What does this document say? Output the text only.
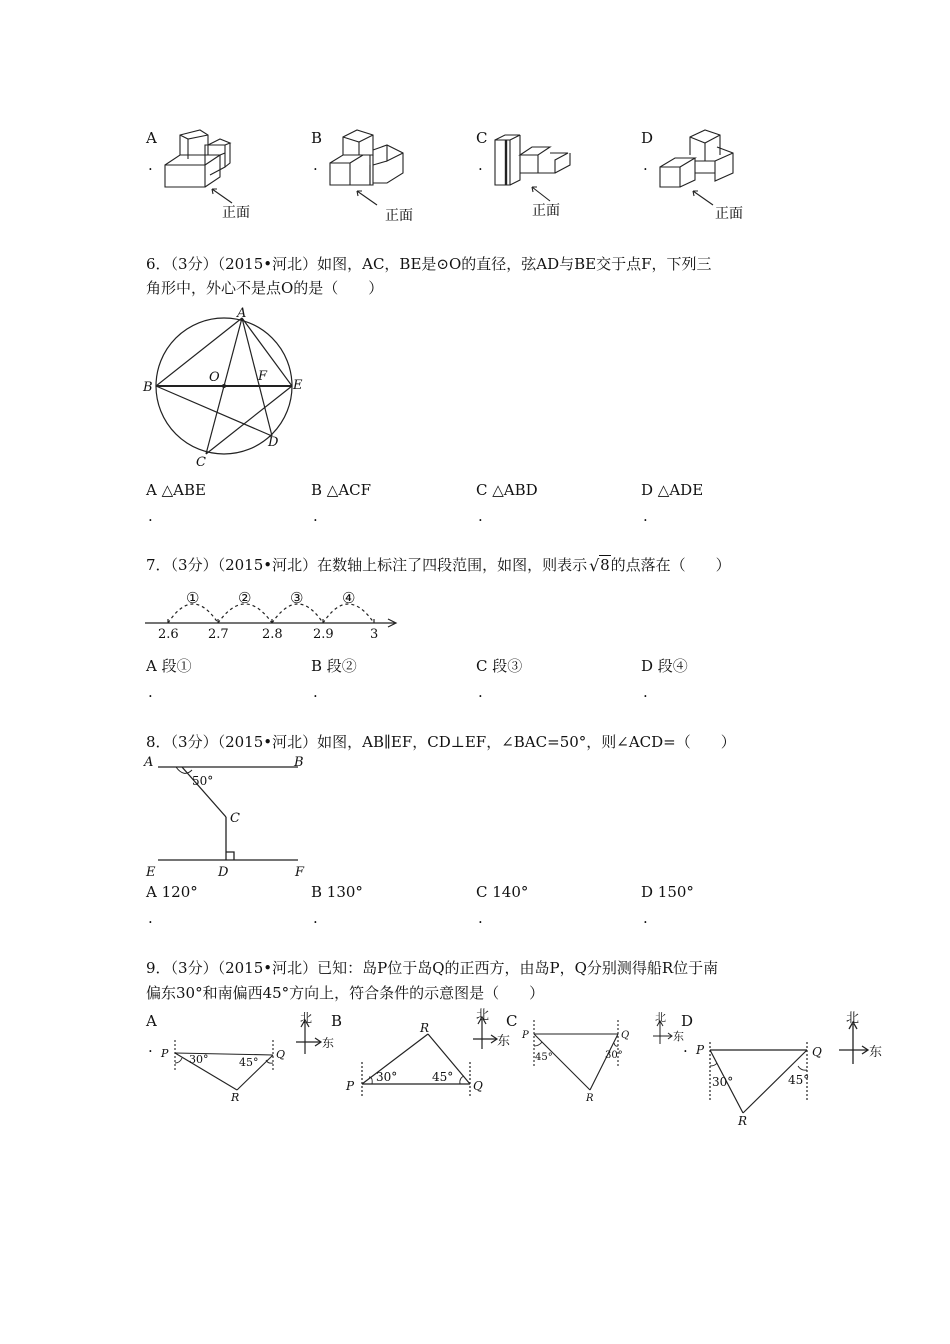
A
.
正面
B
.
正面
C
.
正面
D
.
正面
6．（3分）（2015•河北）如图，AC，BE是⊙O的直径，弦AD与BE交于点F，下列三
角形中，外心不是点O的是（　　）
A
B
C
D
E
F
O
A △ABE
.
B △ACF
.
C △ABD
.
D △ADE
.
7．（3分）（2015•河北）在数轴上标注了四段范围，如图，则表示 √ 8的点落在（　　）
2.6 2.7	2.8 2.9	3
①	②	③	④
A 段①
.
B 段②
.
C 段③
.
D 段④
.
8．（3分）（2015•河北）如图，AB∥EF，CD⊥EF，∠BAC=50°，则∠ACD=（　　）
A	B
C
D
E	F
50°
A 120°
.
B 130°
.
C 140°
.
D 150°
.
9．（3分）（2015•河北）已知：岛P位于岛Q的正西方，由岛P，Q分别测得船R位于南
偏东30°和南偏西45°方向上，符合条件的示意图是（　　）
A
. P	Q
R
30°	45°
北
东
B
P	Q
R
30°	45°
北
东
C
P	Q
R
45°	30°
北
东
D
. P	Q
R
30°	45°
北
东
